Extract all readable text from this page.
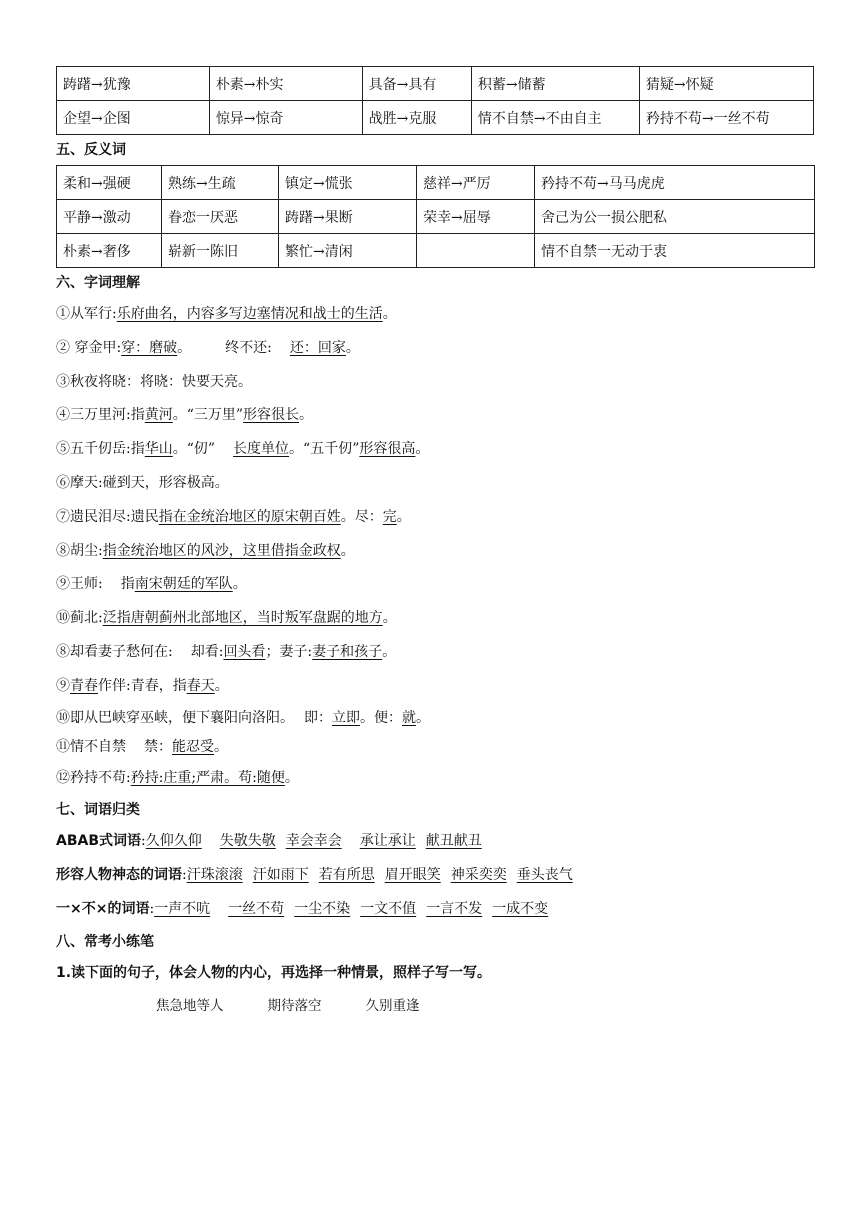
踌躇→犹豫	朴素→朴实	具备→具有	积蓄→储蓄	猜疑→怀疑
企望→企图	惊异→惊奇	战胜→克服	情不自禁→不由自主	矜持不苟→一丝不苟
五、反义词
柔和→强硬	熟练→生疏	镇定→慌张	慈祥→严厉	矜持不苟→马马虎虎
平静→激动	眷恋一厌恶	踌躇→果断	荣幸→屈辱	舍己为公一损公肥私
朴素→奢侈	崭新一陈旧	繁忙→清闲		情不自禁一无动于衷
六、字词理解
①从军行:乐府曲名，内容多写边塞情况和战士的生活。
② 穿金甲:穿：磨破。 终不还: 还：回家。
③秋夜将晓：将晓：快要天亮。
④三万里河:指黄河。“三万里”形容很长。
⑤五千仞岳:指华山。“仞” 长度单位。“五千仞”形容很高。
⑥摩天:碰到天，形容极高。
⑦遗民泪尽:遗民指在金统治地区的原宋朝百姓。尽：完。
⑧胡尘:指金统治地区的风沙，这里借指金政权。
⑨王师: 指南宋朝廷的军队。
⑩蓟北:泛指唐朝蓟州北部地区，当时叛军盘踞的地方。
⑧却看妻子愁何在: 却看:回头看；妻子:妻子和孩子。
⑨青春作伴:青春，指春天。
⑩即从巴峡穿巫峡，便下襄阳向洛阳。 即：立即。便：就。
⑪情不自禁 禁：能忍受。
⑫矜持不苟:矜持:庄重;严肃。苟:随便。
七、词语归类
ABAB式词语:久仰久仰 失敬失敬 幸会幸会 承让承让 献丑献丑
形容人物神态的词语:汗珠滚滚 汗如雨下 若有所思 眉开眼笑 神采奕奕 垂头丧气
一×不×的词语:一声不吭 一丝不苟 一尘不染 一文不值 一言不发 一成不变
八、常考小练笔
1.读下面的句子，体会人物的内心，再选择一种情景，照样子写一写。
焦急地等人	期待落空	久别重逢
